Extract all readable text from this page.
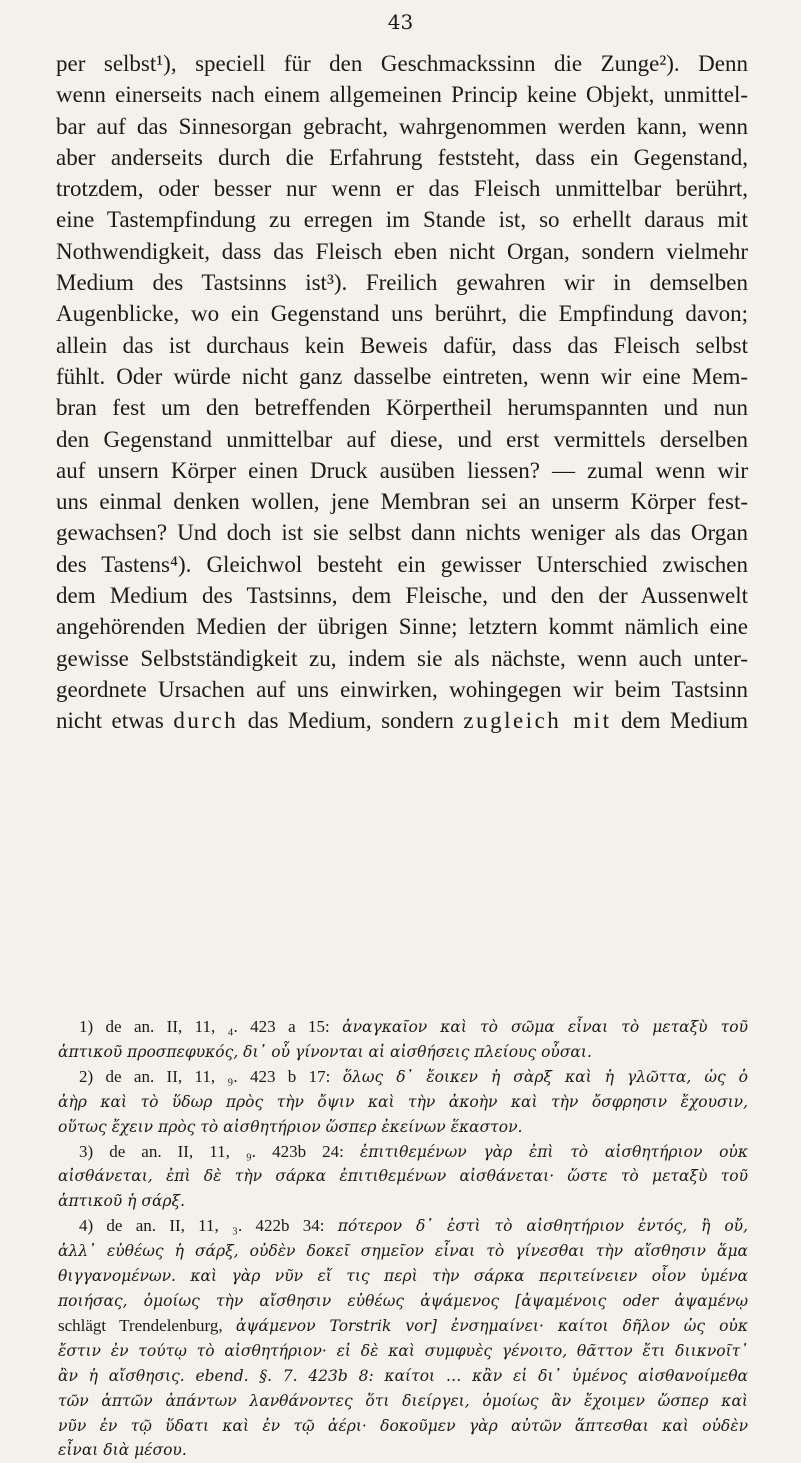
43
per selbst¹), speciell für den Geschmackssinn die Zunge²). Denn
wenn einerseits nach einem allgemeinen Princip keine Objekt, unmittel-
bar auf das Sinnesorgan gebracht, wahrgenommen werden kann, wenn
aber anderseits durch die Erfahrung feststeht, dass ein Gegenstand,
trotzdem, oder besser nur wenn er das Fleisch unmittelbar berührt,
eine Tastempfindung zu erregen im Stande ist, so erhellt daraus mit
Nothwendigkeit, dass das Fleisch eben nicht Organ, sondern vielmehr
Medium des Tastsinns ist³). Freilich gewahren wir in demselben
Augenblicke, wo ein Gegenstand uns berührt, die Empfindung davon;
allein das ist durchaus kein Beweis dafür, dass das Fleisch selbst
fühlt. Oder würde nicht ganz dasselbe eintreten, wenn wir eine Mem-
bran fest um den betreffenden Körpertheil herumspannten und nun
den Gegenstand unmittelbar auf diese, und erst vermittels derselben
auf unsern Körper einen Druck ausüben liessen? — zumal wenn wir
uns einmal denken wollen, jene Membran sei an unserm Körper fest-
gewachsen? Und doch ist sie selbst dann nichts weniger als das Organ
des Tastens⁴). Gleichwol besteht ein gewisser Unterschied zwischen
dem Medium des Tastsinns, dem Fleische, und den der Aussenwelt
angehörenden Medien der übrigen Sinne; letztern kommt nämlich eine
gewisse Selbstständigkeit zu, indem sie als nächste, wenn auch unter-
geordnete Ursachen auf uns einwirken, wohingegen wir beim Tastsinn
nicht etwas durch das Medium, sondern zugleich mit dem Medium
1) de an. II, 11, ₄. 423 a 15: ἀναγκαῖον καὶ τὸ σῶμα εἶναι τὸ μεταξὺ τοῦ
ἁπτικοῦ προσπεφυκός, δι᾽ οὗ γίνονται αἱ αἰσθήσεις πλείους οὖσαι.
2) de an. II, 11, ₉. 423 b 17: ὅλως δ᾽ ἔοικεν ἡ σὰρξ καὶ ἡ γλῶττα, ὡς ὁ
ἀὴρ καὶ τὸ ὕδωρ πρὸς τὴν ὄψιν καὶ τὴν ἀκοὴν καὶ τὴν ὄσφρησιν ἔχουσιν,
οὕτως ἔχειν πρὸς τὸ αἰσθητήριον ὥσπερ ἐκείνων ἕκαστον.
3) de an. II, 11, ₉. 423b 24: ἐπιτιθεμένων γὰρ ἐπὶ τὸ αἰσθητήριον οὐκ
αἰσθάνεται, ἐπὶ δὲ τὴν σάρκα ἐπιτιθεμένων αἰσθάνεται· ὥστε τὸ μεταξὺ τοῦ
ἁπτικοῦ ἡ σάρξ.
4) de an. II, 11, ₃. 422b 34: πότερον δ᾽ ἐστὶ τὸ αἰσθητήριον ἐντός, ἢ οὔ,
ἀλλ᾽ εὐθέως ἡ σάρξ, οὐδὲν δοκεῖ σημεῖον εἶναι τὸ γίνεσθαι τὴν αἴσθησιν ἅμα
θιγγανομένων. καὶ γὰρ νῦν εἴ τις περὶ τὴν σάρκα περιτείνειεν οἷον ὑμένα
ποιήσας, ὁμοίως τὴν αἴσθησιν εὐθέως ἀψάμενος [ἀψαμένοις oder ἀψαμένῳ
schlägt Trendelenburg, ἀψάμενον Torstrik vor] ἐνσημαίνει· καίτοι δῆλον ὡς οὐκ
ἔστιν ἐν τούτῳ τὸ αἰσθητήριον· εἰ δὲ καὶ συμφυὲς γένοιτο, θᾶττον ἔτι διικνοῖτ᾽
ἂν ἡ αἴσθησις. ebend. §. 7. 423b 8: καίτοι … κἂν εἰ δι᾽ ὑμένος αἰσθανοίμεθα
τῶν ἁπτῶν ἁπάντων λανθάνοντες ὅτι διείργει, ὁμοίως ἂν ἔχοιμεν ὥσπερ καὶ
νῦν ἐν τῷ ὕδατι καὶ ἐν τῷ ἀέρι· δοκοῦμεν γὰρ αὐτῶν ἅπτεσθαι καὶ οὐδὲν
εἶναι διὰ μέσου.
